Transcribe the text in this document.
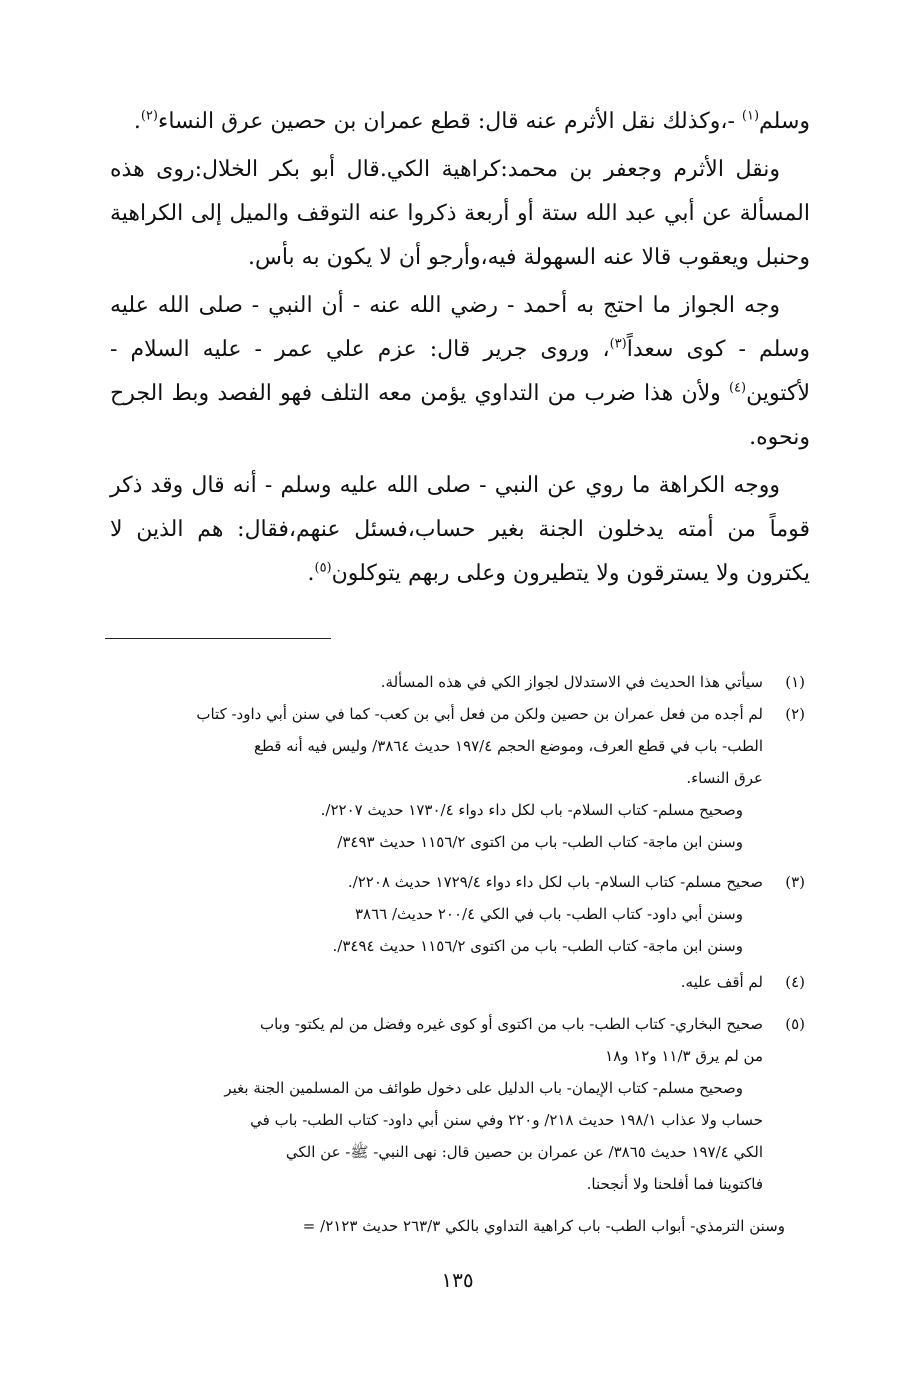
وسلم$^{(١)}$ -،وكذلك نقل الأثرم عنه قال: قطع عمران بن حصين عرق النساء$^{(٢)}$.

ونقل الأثرم وجعفر بن محمد:كراهية الكي.قال أبو بكر الخلال:روى هذه المسألة عن أبي عبد الله ستة أو أربعة ذكروا عنه التوقف والميل إلى الكراهية وحنبل ويعقوب قالا عنه السهولة فيه،وأرجو أن لا يكون به بأس.

وجه الجواز ما احتج به أحمد - رضي الله عنه - أن النبي - صلى الله عليه وسلم - كوى سعداً$^{(٣)}$، وروى جرير قال: عزم علي عمر - عليه السلام - لأكتوين$^{(٤)}$ ولأن هذا ضرب من التداوي يؤمن معه التلف فهو الفصد وبط الجرح ونحوه.

ووجه الكراهة ما روي عن النبي - صلى الله عليه وسلم - أنه قال وقد ذكر قوماً من أمته يدخلون الجنة بغير حساب،فسئل عنهم،فقال: هم الذين لا يكترون ولا يسترقون ولا يتطيرون وعلى ربهم يتوكلون$^{(٥)}$.

(١)
سيأتي هذا الحديث في الاستدلال لجواز الكي في هذه المسألة.
(٢)
لم أجده من فعل عمران بن حصين ولكن من فعل أبي بن كعب- كما في سنن أبي داود- كتاب
الطب- باب في قطع العرف، وموضع الحجم ١٩٧/٤ حديث ٣٨٦٤/ وليس فيه أنه قطع
عرق النساء.
وصحيح مسلم- كتاب السلام- باب لكل داء دواء ١٧٣٠/٤ حديث ٢٢٠٧/.
وسنن ابن ماجة- كتاب الطب- باب من اكتوى ١١٥٦/٢ حديث ٣٤٩٣/
(٣)
صحيح مسلم- كتاب السلام- باب لكل داء دواء ١٧٢٩/٤ حديث ٢٢٠٨/.
وسنن أبي داود- كتاب الطب- باب في الكي ٢٠٠/٤ حديث/ ٣٨٦٦
وسنن ابن ماجة- كتاب الطب- باب من اكتوى ١١٥٦/٢ حديث ٣٤٩٤/.
(٤)
لم أقف عليه.
(٥)
صحيح البخاري- كتاب الطب- باب من اكتوى أو كوى غيره وفضل من لم يكتو- وباب
من لم يرق ١١/٣ و١٢ و١٨
وصحيح مسلم- كتاب الإيمان- باب الدليل على دخول طوائف من المسلمين الجنة بغير
حساب ولا عذاب ١٩٨/١ حديث ٢١٨/ و٢٢٠ وفي سنن أبي داود- كتاب الطب- باب في
الكي ١٩٧/٤ حديث ٣٨٦٥/ عن عمران بن حصين قال: نهى النبي- ﷺ- عن الكي
فاكتوينا فما أفلحنا ولا أنجحنا.
وسنن الترمذي- أبواب الطب- باب كراهية التداوي بالكي ٢٦٣/٣ حديث ٢١٢٣/ =
١٣٥
